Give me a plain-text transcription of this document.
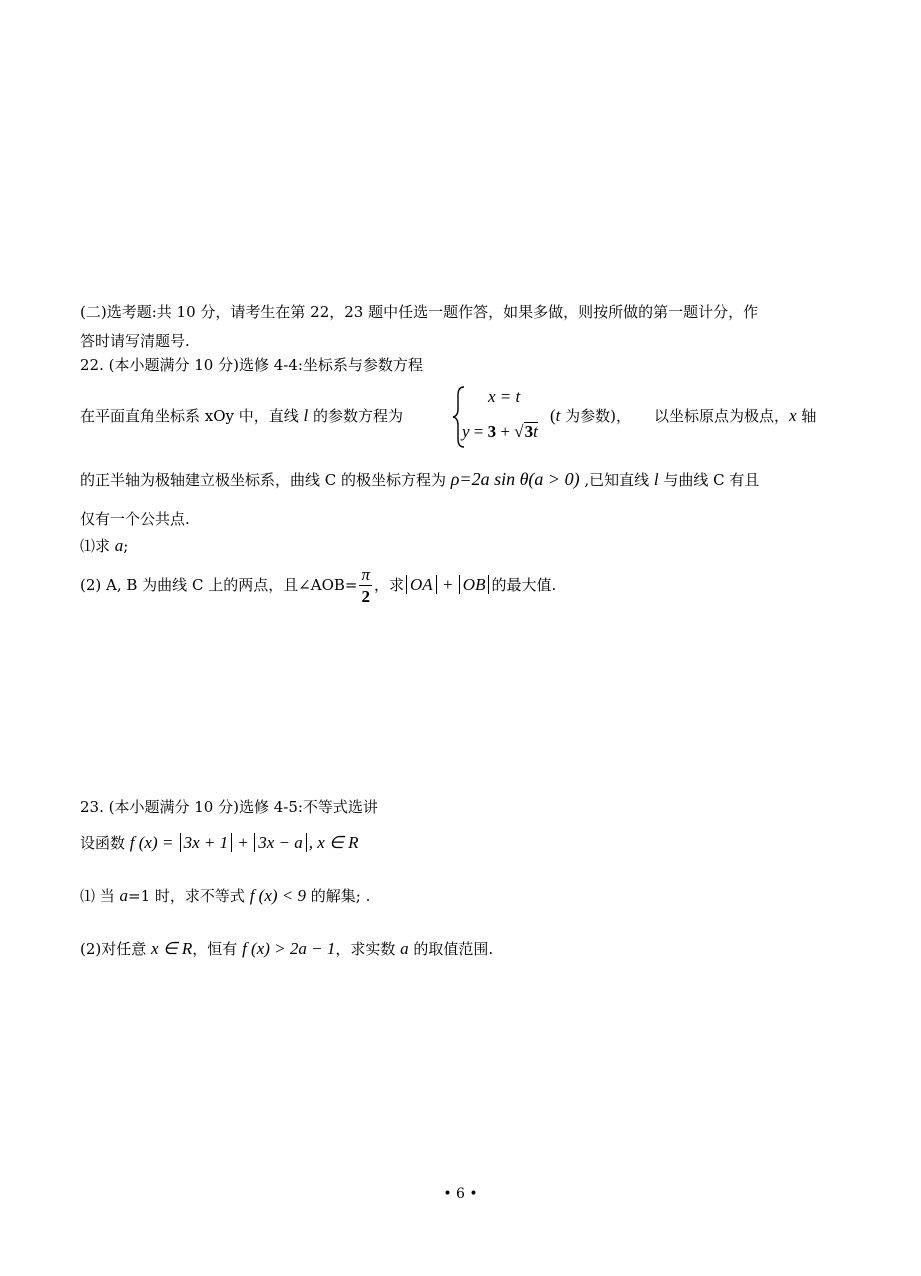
(二)选考题:共 10 分，请考生在第 22，23 题中任选一题作答，如果多做，则按所做的第一题计分，作
答时请写清题号.
22. (本小题满分 10 分)选修 4-4:坐标系与参数方程
在平面直角坐标系 xOy 中，直线 l 的参数方程为
x = t
y = 3 + √3t
(t 为参数)， 以坐标原点为极点，x 轴
的正半轴为极轴建立极坐标系，曲线 C 的极坐标方程为 ρ=2a sin θ(a > 0) ,已知直线 l 与曲线 C 有且
仅有一个公共点.
⑴求 a;
(2) A, B 为曲线 C 上的两点，且∠AOB= $\frac{\pi}{2}$ ，求 OA + OB 的最大值.
23. (本小题满分 10 分)选修 4-5:不等式选讲
设函数 f (x) = 3x + 1 + 3x − a , x ∈ R
⑴ 当 a=1 时，求不等式 f (x) < 9 的解集; .
(2)对任意 x ∈ R，恒有 f (x) > 2a − 1，求实数 a 的取值范围.
• 6 •
